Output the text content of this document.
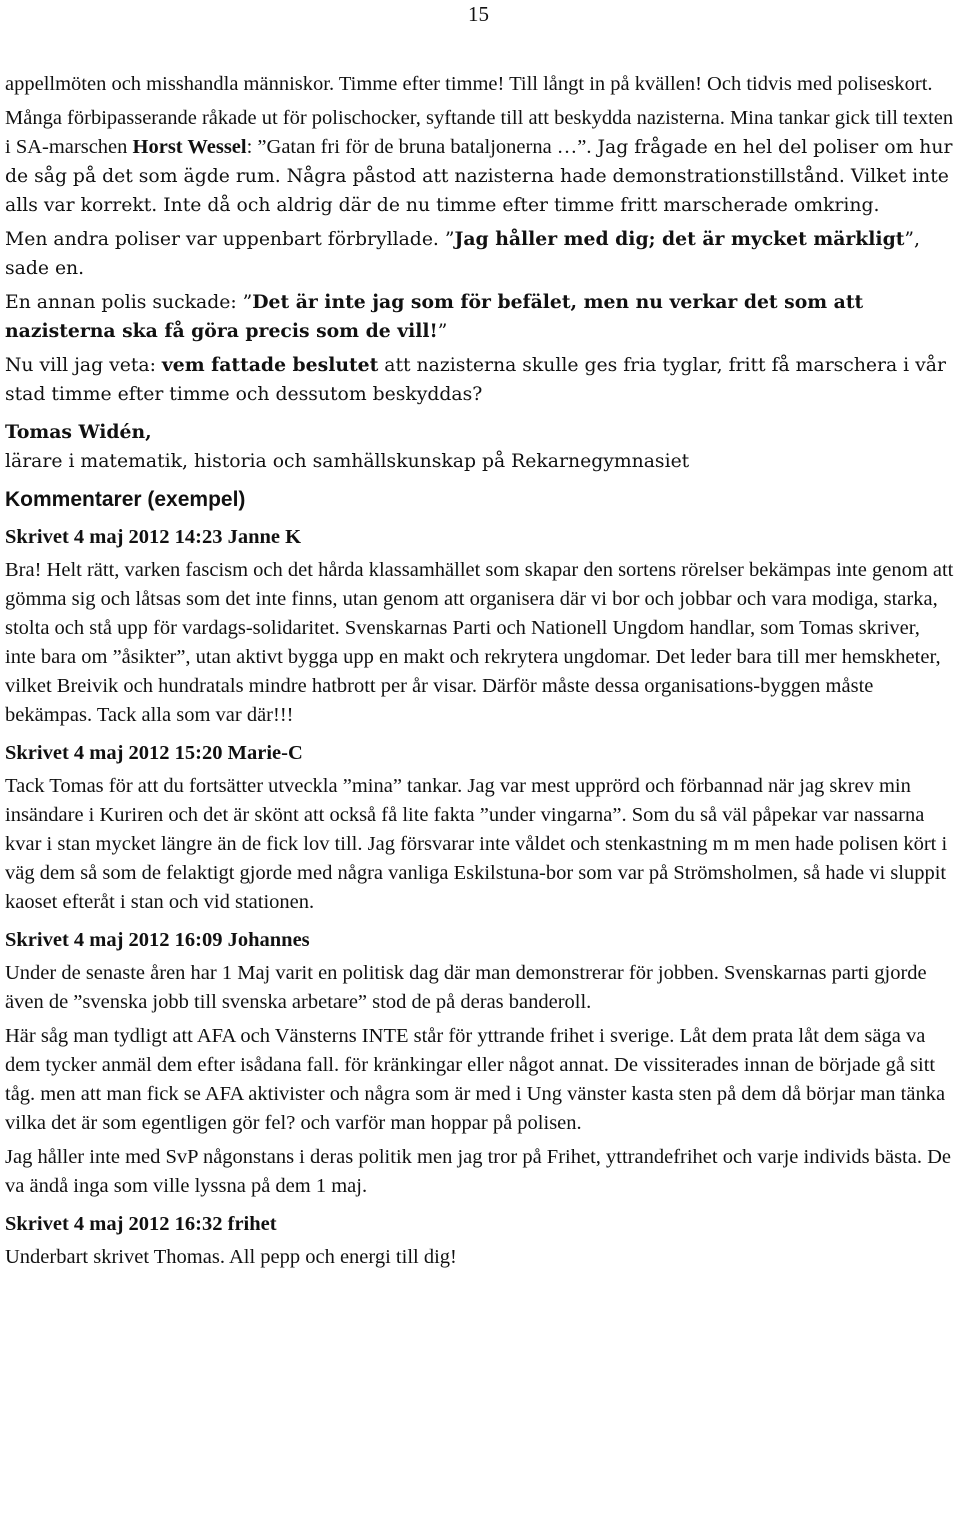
15

appellmöten och misshandla människor. Timme efter timme! Till långt in på kvällen! Och tidvis med poliseskort.

Många förbipasserande råkade ut för polischocker, syftande till att beskydda nazisterna. Mina tankar gick till texten i SA-marschen Horst Wessel: ”Gatan fri för de bruna bataljonerna …”. Jag frågade en hel del poliser om hur de såg på det som ägde rum. Några påstod att nazisterna hade demonstrationstillstånd. Vilket inte alls var korrekt. Inte då och aldrig där de nu timme efter timme fritt marscherade omkring.

Men andra poliser var uppenbart förbryllade. ”Jag håller med dig; det är mycket märkligt”, sade en.

En annan polis suckade: ”Det är inte jag som för befälet, men nu verkar det som att nazisterna ska få göra precis som de vill!”

Nu vill jag veta: vem fattade beslutet att nazisterna skulle ges fria tyglar, fritt få marschera i vår stad timme efter timme och dessutom beskyddas?

Tomas Widén,

lärare i matematik, historia och samhällskunskap på Rekarnegymnasiet

Kommentarer (exempel)

Skrivet 4 maj 2012 14:23 Janne K

Bra! Helt rätt, varken fascism och det hårda klassamhället som skapar den sortens rörelser bekämpas inte genom att gömma sig och låtsas som det inte finns, utan genom att organisera där vi bor och jobbar och vara modiga, starka, stolta och stå upp för vardags-solidaritet. Svenskarnas Parti och Nationell Ungdom handlar, som Tomas skriver, inte bara om ”åsikter”, utan aktivt bygga upp en makt och rekrytera ungdomar. Det leder bara till mer hemskheter, vilket Breivik och hundratals mindre hatbrott per år visar. Därför måste dessa organisations-byggen måste bekämpas. Tack alla som var där!!!

Skrivet 4 maj 2012 15:20 Marie-C

Tack Tomas för att du fortsätter utveckla ”mina” tankar. Jag var mest upprörd och förbannad när jag skrev min insändare i Kuriren och det är skönt att också få lite fakta ”under vingarna”. Som du så väl påpekar var nassarna kvar i stan mycket längre än de fick lov till. Jag försvarar inte våldet och stenkastning m m men hade polisen kört i väg dem så som de felaktigt gjorde med några vanliga Eskilstuna-bor som var på Strömsholmen, så hade vi sluppit kaoset efteråt i stan och vid stationen.

Skrivet 4 maj 2012 16:09 Johannes

Under de senaste åren har 1 Maj varit en politisk dag där man demonstrerar för jobben. Svenskarnas parti gjorde även de ”svenska jobb till svenska arbetare” stod de på deras banderoll.

Här såg man tydligt att AFA och Vänsterns INTE står för yttrande frihet i sverige. Låt dem prata låt dem säga va dem tycker anmäl dem efter isådana fall. för kränkingar eller något annat. De vissiterades innan de började gå sitt tåg. men att man fick se AFA aktivister och några som är med i Ung vänster kasta sten på dem då börjar man tänka vilka det är som egentligen gör fel? och varför man hoppar på polisen.

Jag håller inte med SvP någonstans i deras politik men jag tror på Frihet, yttrandefrihet och varje individs bästa. De va ändå inga som ville lyssna på dem 1 maj.

Skrivet 4 maj 2012 16:32 frihet

Underbart skrivet Thomas. All pepp och energi till dig!
